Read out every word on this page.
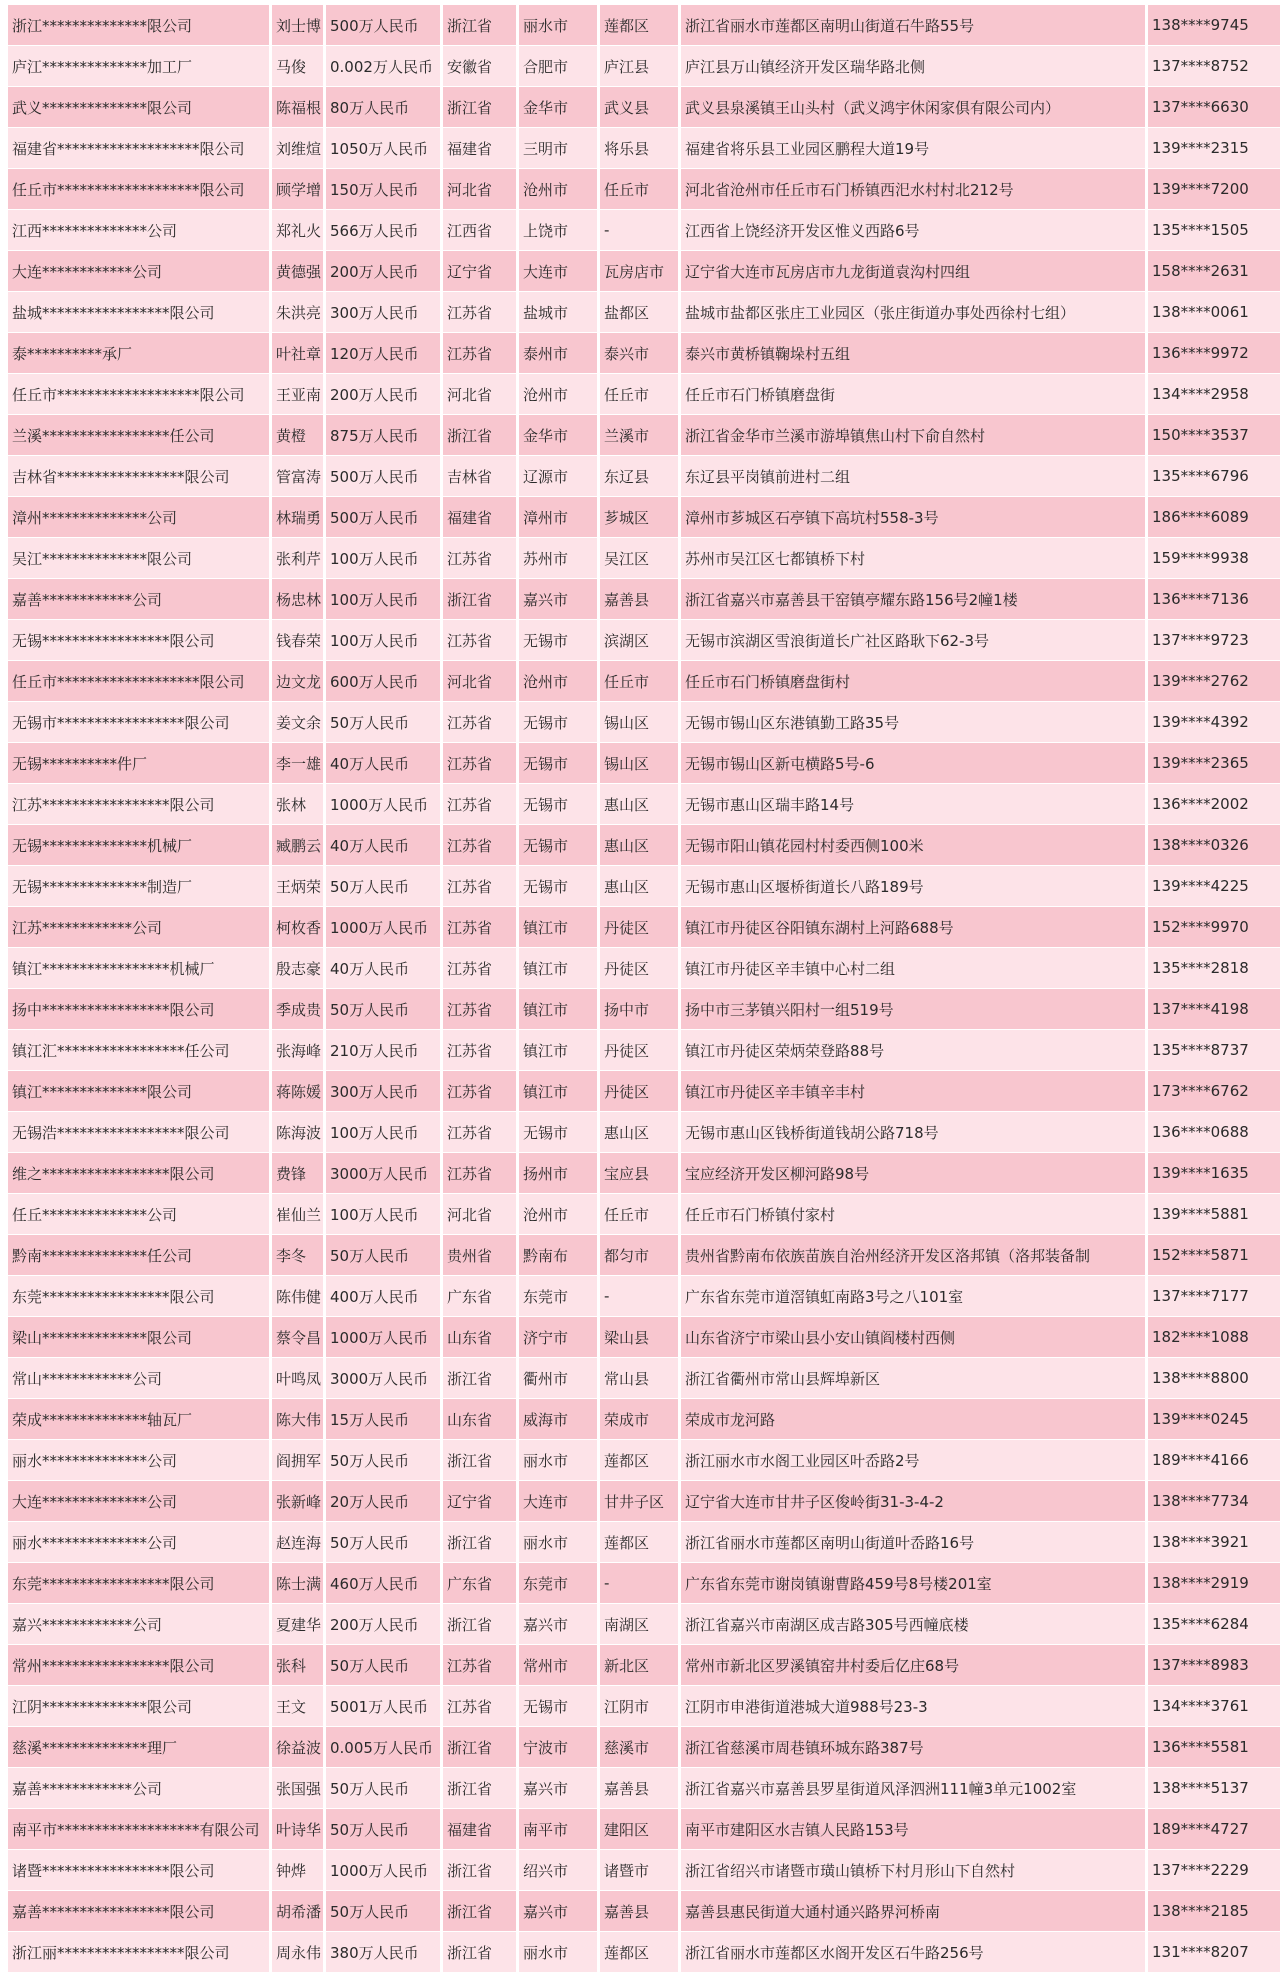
浙江**************限公司	刘士博	500万人民币	浙江省	丽水市	莲都区	浙江省丽水市莲都区南明山街道石牛路55号	138****9745
庐江**************加工厂	马俊	0.002万人民币	安徽省	合肥市	庐江县	庐江县万山镇经济开发区瑞华路北侧	137****8752
武义**************限公司	陈福根	80万人民币	浙江省	金华市	武义县	武义县泉溪镇王山头村（武义鸿宇休闲家俱有限公司内）	137****6630
福建省*******************限公司	刘维煊	1050万人民币	福建省	三明市	将乐县	福建省将乐县工业园区鹏程大道19号	139****2315
任丘市*******************限公司	顾学增	150万人民币	河北省	沧州市	任丘市	河北省沧州市任丘市石门桥镇西汜水村村北212号	139****7200
江西**************公司	郑礼火	566万人民币	江西省	上饶市	-	江西省上饶经济开发区惟义西路6号	135****1505
大连************公司	黄德强	200万人民币	辽宁省	大连市	瓦房店市	辽宁省大连市瓦房店市九龙街道袁沟村四组	158****2631
盐城*****************限公司	朱洪亮	300万人民币	江苏省	盐城市	盐都区	盐城市盐都区张庄工业园区（张庄街道办事处西徐村七组）	138****0061
泰**********承厂	叶社章	120万人民币	江苏省	泰州市	泰兴市	泰兴市黄桥镇鞠垛村五组	136****9972
任丘市*******************限公司	王亚南	200万人民币	河北省	沧州市	任丘市	任丘市石门桥镇磨盘街	134****2958
兰溪*****************任公司	黄橙	875万人民币	浙江省	金华市	兰溪市	浙江省金华市兰溪市游埠镇焦山村下俞自然村	150****3537
吉林省*****************限公司	管富涛	500万人民币	吉林省	辽源市	东辽县	东辽县平岗镇前进村二组	135****6796
漳州**************公司	林瑞勇	500万人民币	福建省	漳州市	芗城区	漳州市芗城区石亭镇下高坑村558-3号	186****6089
吴江**************限公司	张利芹	100万人民币	江苏省	苏州市	吴江区	苏州市吴江区七都镇桥下村	159****9938
嘉善************公司	杨忠林	100万人民币	浙江省	嘉兴市	嘉善县	浙江省嘉兴市嘉善县干窑镇亭耀东路156号2幢1楼	136****7136
无锡*****************限公司	钱春荣	100万人民币	江苏省	无锡市	滨湖区	无锡市滨湖区雪浪街道长广社区路耿下62-3号	137****9723
任丘市*******************限公司	边文龙	600万人民币	河北省	沧州市	任丘市	任丘市石门桥镇磨盘街村	139****2762
无锡市*****************限公司	姜文余	50万人民币	江苏省	无锡市	锡山区	无锡市锡山区东港镇勤工路35号	139****4392
无锡**********件厂	李一雄	40万人民币	江苏省	无锡市	锡山区	无锡市锡山区新屯横路5号-6	139****2365
江苏*****************限公司	张林	1000万人民币	江苏省	无锡市	惠山区	无锡市惠山区瑞丰路14号	136****2002
无锡**************机械厂	臧鹏云	40万人民币	江苏省	无锡市	惠山区	无锡市阳山镇花园村村委西侧100米	138****0326
无锡**************制造厂	王炳荣	50万人民币	江苏省	无锡市	惠山区	无锡市惠山区堰桥街道长八路189号	139****4225
江苏************公司	柯枚香	1000万人民币	江苏省	镇江市	丹徒区	镇江市丹徒区谷阳镇东湖村上河路688号	152****9970
镇江*****************机械厂	殷志豪	40万人民币	江苏省	镇江市	丹徒区	镇江市丹徒区辛丰镇中心村二组	135****2818
扬中*****************限公司	季成贵	50万人民币	江苏省	镇江市	扬中市	扬中市三茅镇兴阳村一组519号	137****4198
镇江汇*****************任公司	张海峰	210万人民币	江苏省	镇江市	丹徒区	镇江市丹徒区荣炳荣登路88号	135****8737
镇江**************限公司	蒋陈媛	300万人民币	江苏省	镇江市	丹徒区	镇江市丹徒区辛丰镇辛丰村	173****6762
无锡浩*****************限公司	陈海波	100万人民币	江苏省	无锡市	惠山区	无锡市惠山区钱桥街道钱胡公路718号	136****0688
维之*****************限公司	费锋	3000万人民币	江苏省	扬州市	宝应县	宝应经济开发区柳河路98号	139****1635
任丘**************公司	崔仙兰	100万人民币	河北省	沧州市	任丘市	任丘市石门桥镇付家村	139****5881
黔南**************任公司	李冬	50万人民币	贵州省	黔南布	都匀市	贵州省黔南布依族苗族自治州经济开发区洛邦镇（洛邦装备制	152****5871
东莞*****************限公司	陈伟健	400万人民币	广东省	东莞市	-	广东省东莞市道滘镇虹南路3号之八101室	137****7177
梁山**************限公司	蔡令昌	1000万人民币	山东省	济宁市	梁山县	山东省济宁市梁山县小安山镇阎楼村西侧	182****1088
常山************公司	叶鸣凤	3000万人民币	浙江省	衢州市	常山县	浙江省衢州市常山县辉埠新区	138****8800
荣成**************轴瓦厂	陈大伟	15万人民币	山东省	威海市	荣成市	荣成市龙河路	139****0245
丽水**************公司	阎拥军	50万人民币	浙江省	丽水市	莲都区	浙江丽水市水阁工业园区叶岙路2号	189****4166
大连**************公司	张新峰	20万人民币	辽宁省	大连市	甘井子区	辽宁省大连市甘井子区俊岭街31-3-4-2	138****7734
丽水**************公司	赵连海	50万人民币	浙江省	丽水市	莲都区	浙江省丽水市莲都区南明山街道叶岙路16号	138****3921
东莞*****************限公司	陈士满	460万人民币	广东省	东莞市	-	广东省东莞市谢岗镇谢曹路459号8号楼201室	138****2919
嘉兴************公司	夏建华	200万人民币	浙江省	嘉兴市	南湖区	浙江省嘉兴市南湖区成吉路305号西幢底楼	135****6284
常州*****************限公司	张科	50万人民币	江苏省	常州市	新北区	常州市新北区罗溪镇窑井村委后亿庄68号	137****8983
江阴**************限公司	王文	5001万人民币	江苏省	无锡市	江阴市	江阴市申港街道港城大道988号23-3	134****3761
慈溪**************理厂	徐益波	0.005万人民币	浙江省	宁波市	慈溪市	浙江省慈溪市周巷镇环城东路387号	136****5581
嘉善************公司	张国强	50万人民币	浙江省	嘉兴市	嘉善县	浙江省嘉兴市嘉善县罗星街道风泽泗洲111幢3单元1002室	138****5137
南平市*******************有限公司	叶诗华	50万人民币	福建省	南平市	建阳区	南平市建阳区水吉镇人民路153号	189****4727
诸暨*****************限公司	钟烨	1000万人民币	浙江省	绍兴市	诸暨市	浙江省绍兴市诸暨市璜山镇桥下村月形山下自然村	137****2229
嘉善*****************限公司	胡希潘	50万人民币	浙江省	嘉兴市	嘉善县	嘉善县惠民街道大通村通兴路界河桥南	138****2185
浙江丽*****************限公司	周永伟	380万人民币	浙江省	丽水市	莲都区	浙江省丽水市莲都区水阁开发区石牛路256号	131****8207
